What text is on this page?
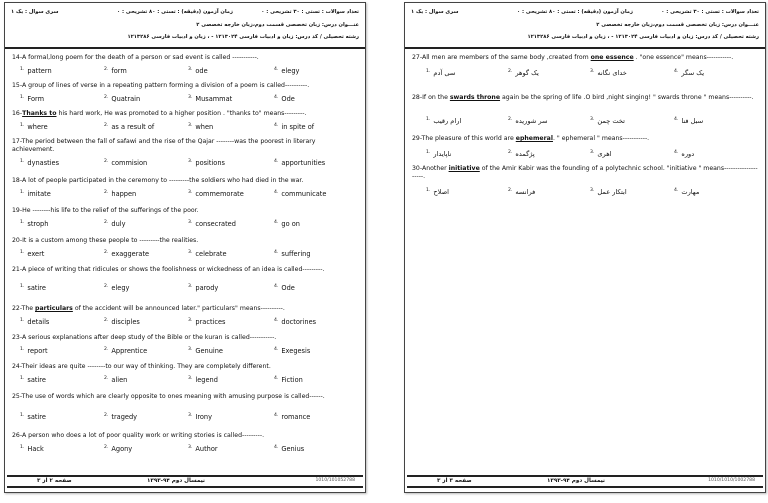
تعداد سوالات : تستی : ۳۰ تشریحی : ۰
زمان آزمون (دقیقه) : تستی : ۸۰ تشریحی : ۰
سری سوال : یک ۱
عنـــوان درس: زبان تخصصی قسمت دوم،زبان خارجه تخصصی ۲
رشته تحصیلی / کد درس: زبان و ادبیات فارسی ۱۲۱۳۰۲۴ - ، زبان و ادبیات فارسی ۱۲۱۳۲۸۶
14-A formal,long poem for the death of a person or sad event is called -----------.
$^{1.}$ pattern	$^{2.}$ form	$^{3.}$ ode	$^{4.}$ elegy
15-A group of lines of verse in a repeating pattern forming a division of a poem is called----------.
$^{1.}$ Form	$^{2.}$ Quatrain	$^{3.}$ Musammat	$^{4.}$ Ode
16-Thanks to his hard work, He was promoted to a higher position . "thanks to" means---------.
$^{1.}$ where	$^{2.}$ as a result of	$^{3.}$ when	$^{4.}$ in spite of
17-The period between the fall of safawi and the rise of the Qajar --------was the poorest in literary achievement.
$^{1.}$ dynasties	$^{2.}$ commision	$^{3.}$ positions	$^{4.}$ apportunities
18-A lot of people participated in the ceremony to ---------the soldiers who had died in the war.
$^{1.}$ imitate	$^{2.}$ happen	$^{3.}$ commemorate	$^{4.}$ communicate
19-He --------his life to the relief of the sufferings of the poor.
$^{1.}$ stroph	$^{2.}$ duly	$^{3.}$ consecrated	$^{4.}$ go on
20-It is a custom among these people to ---------the realities.
$^{1.}$ exert	$^{2.}$ exaggerate	$^{3.}$ celebrate	$^{4.}$ suffering
21-A piece of writing that ridicules or shows the foolishness or wickedness of an idea is called---------.
$^{1.}$ satire	$^{2.}$ elegy	$^{3.}$ parody	$^{4.}$ Ode
22-The particulars of the accident will be announced later." particulars" means----------.
$^{1.}$ details	$^{2.}$ disciples	$^{3.}$ practices	$^{4.}$ doctorines
23-A serious explanations after deep study of the Bible or the kuran is called-----------.
$^{1.}$ report	$^{2.}$ Apprentice	$^{3.}$ Genuine	$^{4.}$ Exegesis
24-Their ideas are quite --------to our way of thinking. They are completely different.
$^{1.}$ satire	$^{2.}$ alien	$^{3.}$ legend	$^{4.}$ Fiction
25-The use of words which are clearly opposite to ones meaning with amusing purpose is called------.
$^{1.}$ satire	$^{2.}$ tragedy	$^{3.}$ Irony	$^{4.}$ romance
26-A person who does a lot of poor quality work or writing stories is called---------.
$^{1.}$ Hack	$^{2.}$ Agony	$^{3.}$ Author	$^{4.}$ Genius
صفحه ۲ از ۳	نیمسال دوم ۹۴-۱۳۹۳	1010/101052788
تعداد سوالات : تستی : ۳۰ تشریحی : ۰
زمان آزمون (دقیقه) : تستی : ۸۰ تشریحی : ۰
سری سوال : یک ۱
عنـــوان درس: زبان تخصصی قسمت دوم،زبان خارجه تخصصی ۲
رشته تحصیلی / کد درس: زبان و ادبیات فارسی ۱۲۱۳۰۲۴ - ، زبان و ادبیات فارسی ۱۲۱۳۲۸۶
27-All men are members of the same body ,created from one essence . "one essence" means-----------.
$^{1.}$ سی آدم	$^{2.}$ یک گوهر	$^{3.}$ خدای نگانه	$^{4.}$ یک سگر
28-If on the swards throne again be the spring of life .O bird ,night singing! " swards throne " means----------.
$^{1.}$ ارام رقیب	$^{2.}$ سر شوریده	$^{3.}$ تخت چمن	$^{4.}$ سبل فنا
29-The pleasure of this world are ephemeral. " ephemeral " means-----------.
$^{1.}$ ناپایدار	$^{2.}$ پژگمده	$^{3.}$ اهری	$^{4.}$ دوره
30-Another initiative of the Amir Kabir was the founding of a polytechnic school. "initiative " means--------------------.
$^{1.}$ اصلاح	$^{2.}$ فرانسه	$^{3.}$ ابتکار عمل	$^{4.}$ مهارت
صفحه ۳ از ۳	نیمسال دوم ۹۴-۱۳۹۳	1010/1010/1002788
